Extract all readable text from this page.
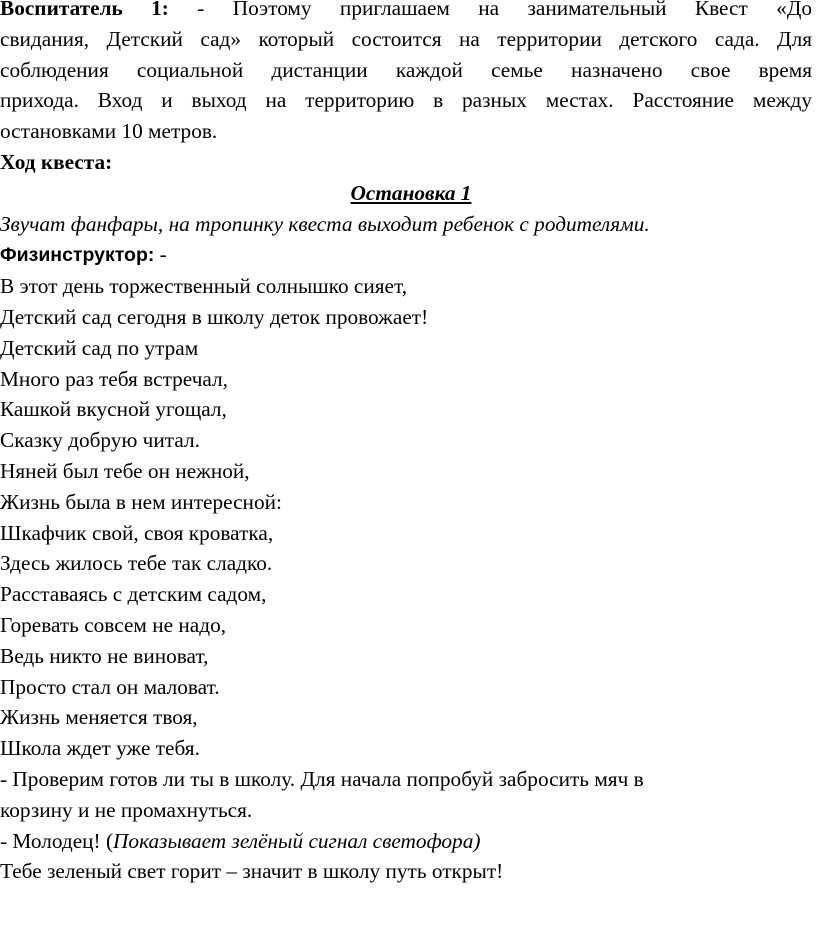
Воспитатель 1: - Поэтому приглашаем на занимательный Квест «До
свидания, Детский сад» который состоится на территории детского сада. Для
соблюдения социальной дистанции каждой семье назначено свое время
прихода. Вход и выход на территорию в разных местах. Расстояние между
остановками 10 метров.
Ход квеста:
Остановка 1
Звучат фанфары, на тропинку квеста выходит ребенок с родителями.
Физинструктор: -
В этот день торжественный солнышко сияет,
Детский сад сегодня в школу деток провожает!
Детский сад по утрам
Много раз тебя встречал,
Кашкой вкусной угощал,
Сказку добрую читал.
Няней был тебе он нежной,
Жизнь была в нем интересной:
Шкафчик свой, своя кроватка,
Здесь жилось тебе так сладко.
Расставаясь с детским садом,
Горевать совсем не надо,
Ведь никто не виноват,
Просто стал он маловат.
Жизнь меняется твоя,
Школа ждет уже тебя.
- Проверим готов ли ты в школу. Для начала попробуй забросить мяч в
корзину и не промахнуться.
- Молодец! (Показывает зелёный сигнал светофора)
Тебе зеленый свет горит – значит в школу путь открыт!
